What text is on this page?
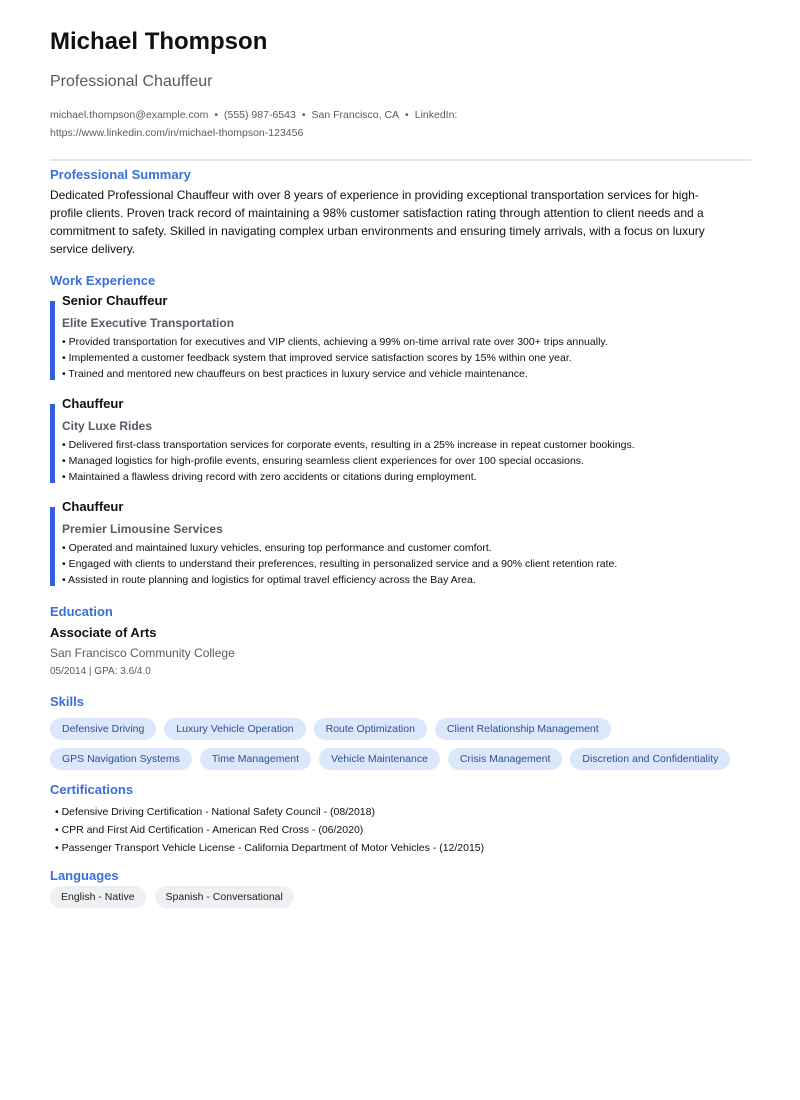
Michael Thompson
Professional Chauffeur
michael.thompson@example.com • (555) 987-6543 • San Francisco, CA • LinkedIn:
https://www.linkedin.com/in/michael-thompson-123456
Professional Summary
Dedicated Professional Chauffeur with over 8 years of experience in providing exceptional transportation services for high-profile clients. Proven track record of maintaining a 98% customer satisfaction rating through attention to client needs and a commitment to safety. Skilled in navigating complex urban environments and ensuring timely arrivals, with a focus on luxury service delivery.
Work Experience
Senior Chauffeur
Elite Executive Transportation
• Provided transportation for executives and VIP clients, achieving a 99% on-time arrival rate over 300+ trips annually.
• Implemented a customer feedback system that improved service satisfaction scores by 15% within one year.
• Trained and mentored new chauffeurs on best practices in luxury service and vehicle maintenance.
Chauffeur
City Luxe Rides
• Delivered first-class transportation services for corporate events, resulting in a 25% increase in repeat customer bookings.
• Managed logistics for high-profile events, ensuring seamless client experiences for over 100 special occasions.
• Maintained a flawless driving record with zero accidents or citations during employment.
Chauffeur
Premier Limousine Services
• Operated and maintained luxury vehicles, ensuring top performance and customer comfort.
• Engaged with clients to understand their preferences, resulting in personalized service and a 90% client retention rate.
• Assisted in route planning and logistics for optimal travel efficiency across the Bay Area.
Education
Associate of Arts
San Francisco Community College
05/2014 | GPA: 3.6/4.0
Skills
Defensive Driving	Luxury Vehicle Operation	Route Optimization	Client Relationship Management
GPS Navigation Systems	Time Management	Vehicle Maintenance	Crisis Management	Discretion and Confidentiality
Certifications
• Defensive Driving Certification - National Safety Council - (08/2018)
• CPR and First Aid Certification - American Red Cross - (06/2020)
• Passenger Transport Vehicle License - California Department of Motor Vehicles - (12/2015)
Languages
English - Native	Spanish - Conversational
